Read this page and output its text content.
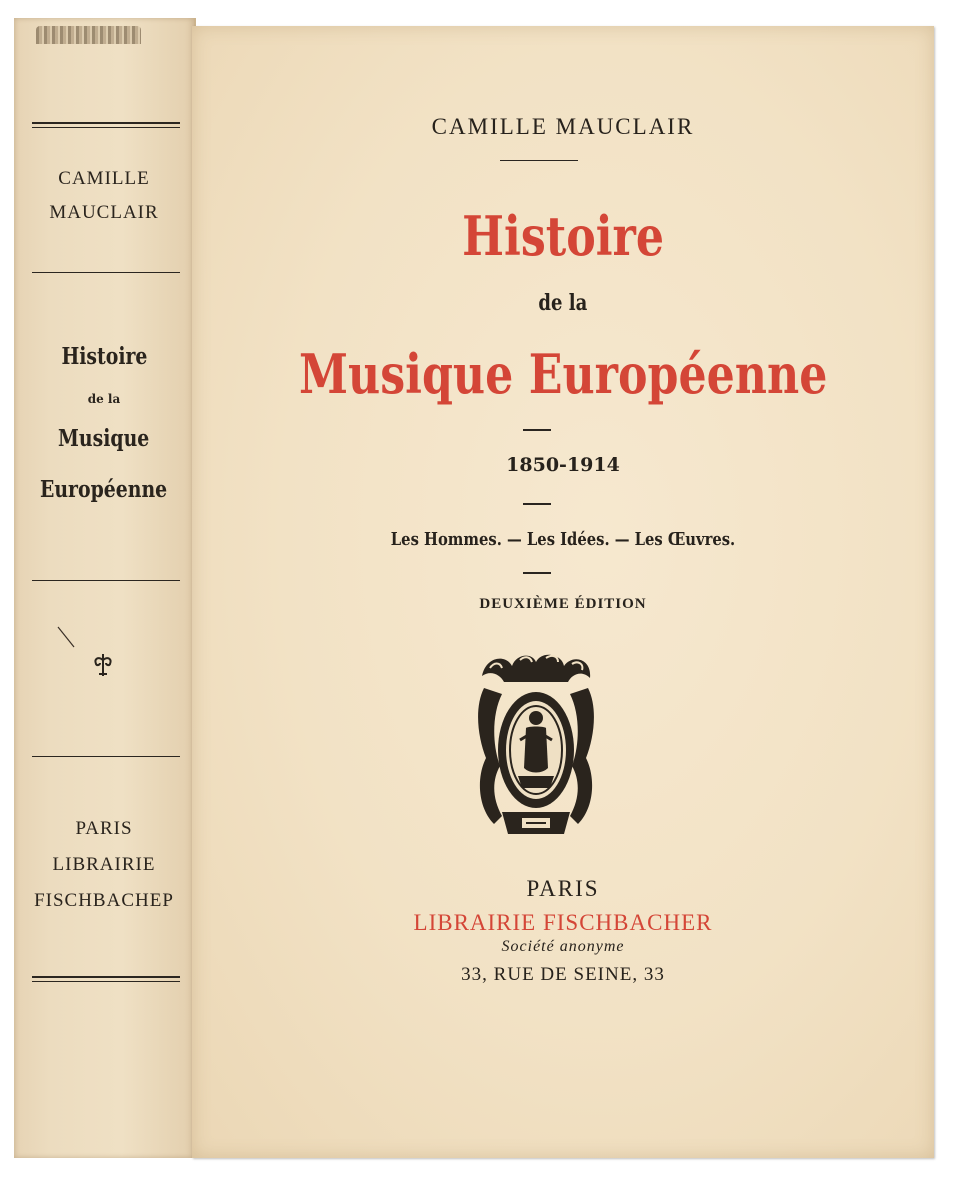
CAMILLE
MAUCLAIR
Histoire
de la
Musique
Européenne
PARIS
LIBRAIRIE
FISCHBACHEP
CAMILLE MAUCLAIR
Histoire
de la
Musique Européenne
1850-1914
Les Hommes. — Les Idées. — Les Œuvres.
DEUXIÈME ÉDITION
PARIS
LIBRAIRIE FISCHBACHER
Société anonyme
33, RUE DE SEINE, 33
